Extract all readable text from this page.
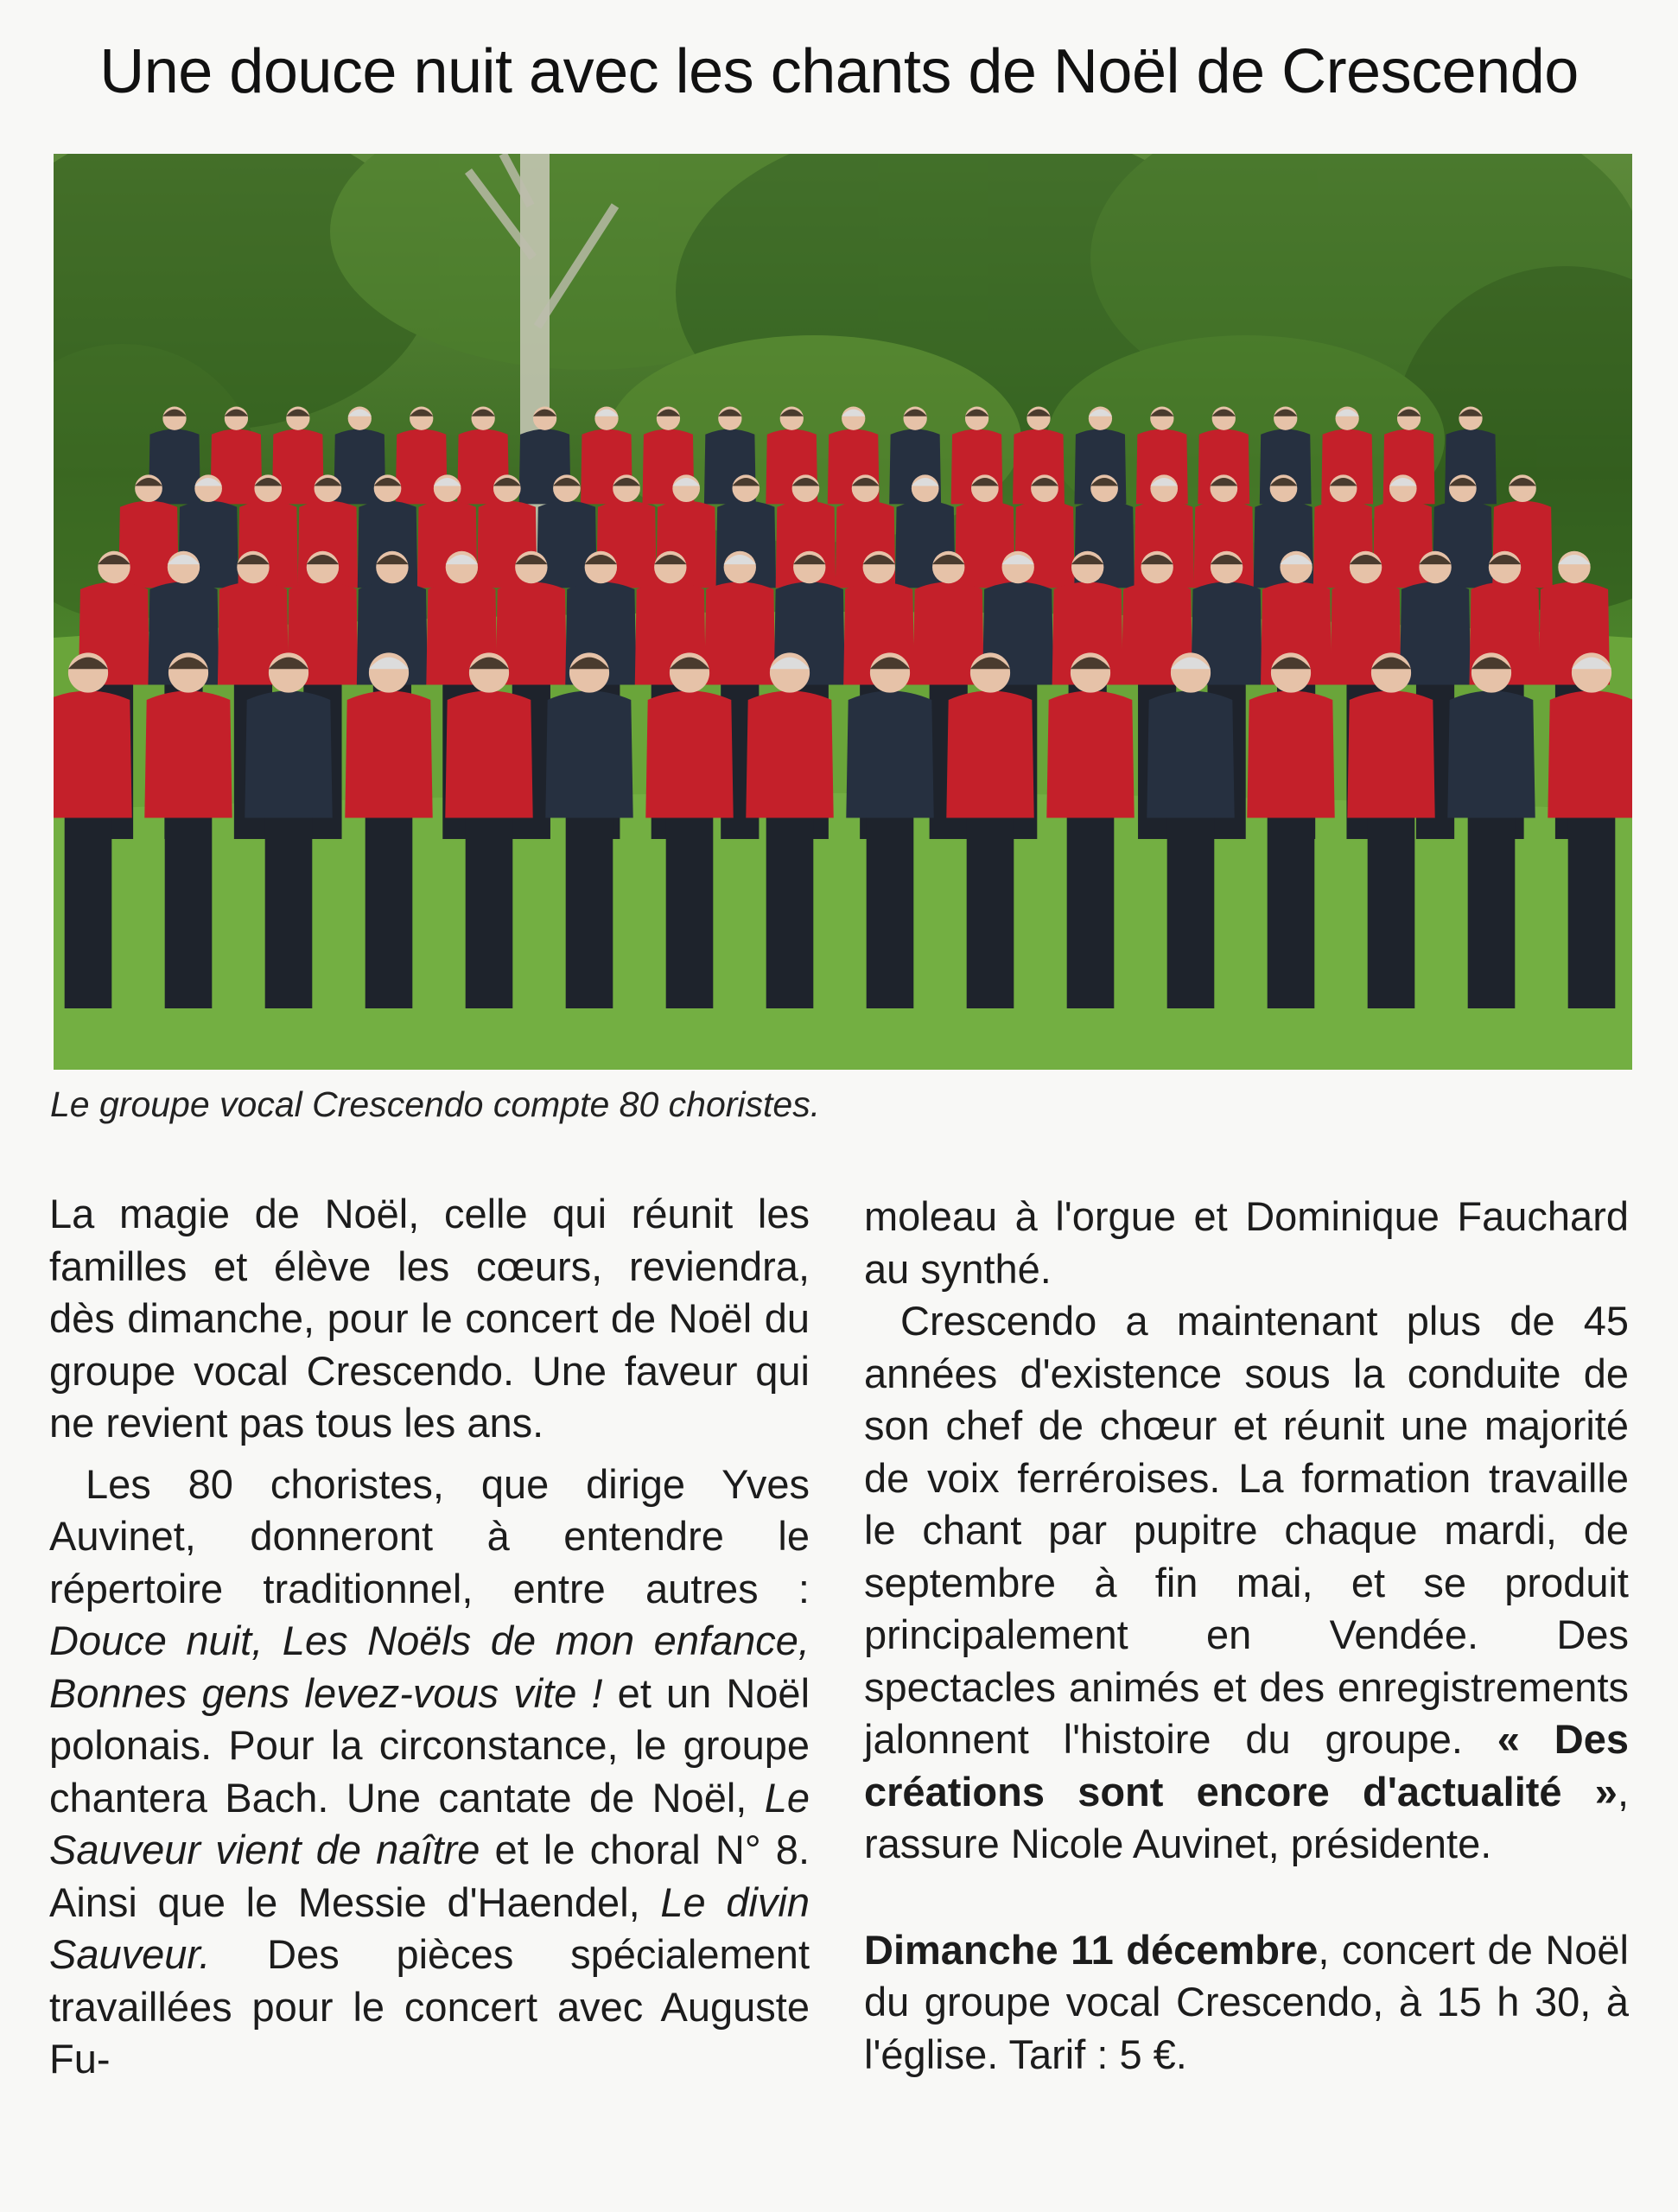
Une douce nuit avec les chants de Noël de Crescendo
Le groupe vocal Crescendo compte 80 choristes.

La magie de Noël, celle qui réunit les familles et élève les cœurs, reviendra, dès dimanche, pour le concert de Noël du groupe vocal Crescendo. Une faveur qui ne revient pas tous les ans.

Les 80 choristes, que dirige Yves Auvinet, donneront à entendre le répertoire traditionnel, entre autres : Douce nuit, Les Noëls de mon enfance, Bonnes gens levez-vous vite ! et un Noël polonais. Pour la circonstance, le groupe chantera Bach. Une cantate de Noël, Le Sauveur vient de naître et le choral N° 8. Ainsi que le Messie d'Haendel, Le divin Sauveur. Des pièces spécialement travaillées pour le concert avec Auguste Fu-

moleau à l'orgue et Dominique Fauchard au synthé.

Crescendo a maintenant plus de 45 années d'existence sous la conduite de son chef de chœur et réunit une majorité de voix ferréroises. La formation travaille le chant par pupitre chaque mardi, de septembre à fin mai, et se produit principalement en Vendée. Des spectacles animés et des enregistrements jalonnent l'histoire du groupe. « Des créations sont encore d'actualité », rassure Nicole Auvinet, présidente.

Dimanche 11 décembre, concert de Noël du groupe vocal Crescendo, à 15 h 30, à l'église. Tarif : 5 €.
